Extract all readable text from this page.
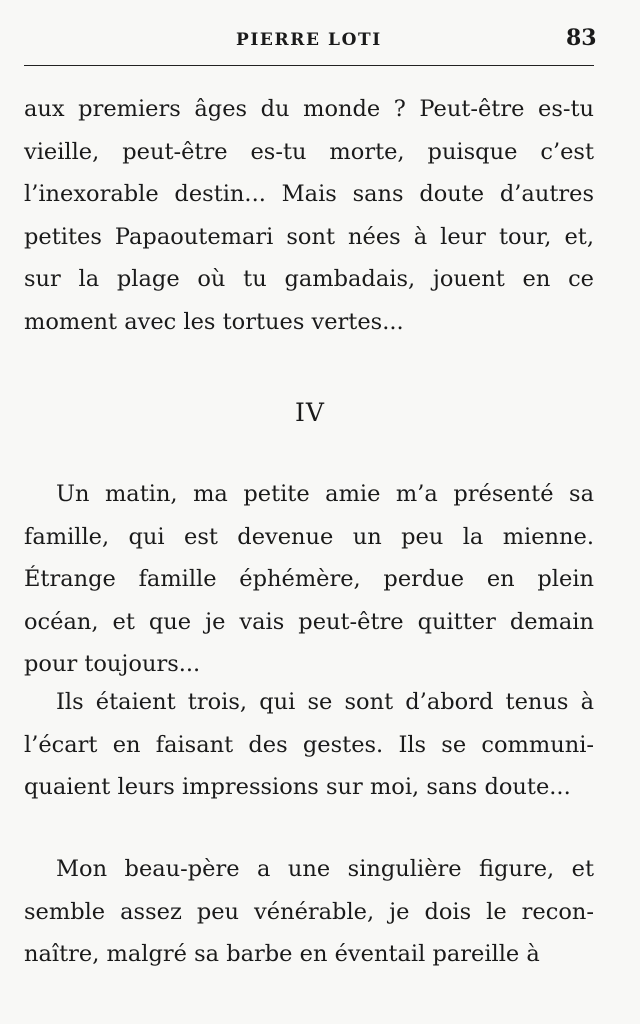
PIERRE LOTI	83

aux premiers âges du monde ? Peut-être es-tu vieille, peut-être es-tu morte, puisque c’est l’inexorable destin... Mais sans doute d’autres petites Papaoutemari sont nées à leur tour, et, sur la plage où tu gambadais, jouent en ce moment avec les tortues vertes...

IV

Un matin, ma petite amie m’a présenté sa famille, qui est devenue un peu la mienne. Étrange famille éphémère, perdue en plein océan, et que je vais peut-être quitter demain pour toujours...

Ils étaient trois, qui se sont d’abord tenus à l’écart en faisant des gestes. Ils se communiquaient leurs impressions sur moi, sans doute...

Mon beau-père a une singulière figure, et semble assez peu vénérable, je dois le reconnaître, malgré sa barbe en éventail pareille à
